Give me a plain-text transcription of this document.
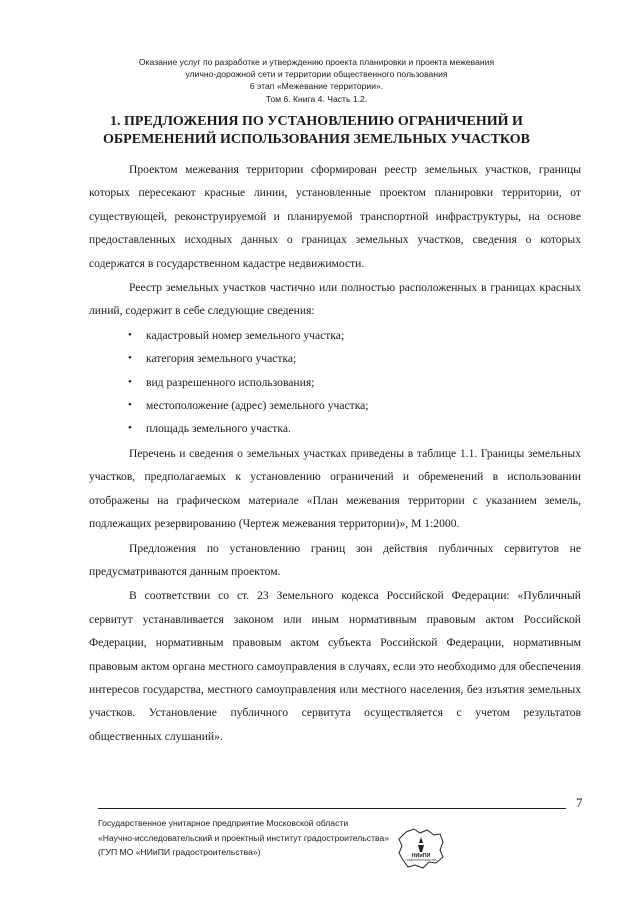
Оказание услуг по разработке и утверждению проекта планировки и проекта межевания
улично-дорожной сети и территории общественного пользования
6 этап «Межевание территории».
Том 6. Книга 4. Часть 1.2.
1. ПРЕДЛОЖЕНИЯ ПО УСТАНОВЛЕНИЮ ОГРАНИЧЕНИЙ И
ОБРЕМЕНЕНИЙ ИСПОЛЬЗОВАНИЯ ЗЕМЕЛЬНЫХ УЧАСТКОВ

Проектом межевания территории сформирован реестр земельных участков, границы которых пересекают красные линии, установленные проектом планировки территории, от существующей, реконструируемой и планируемой транспортной инфраструктуры, на основе предоставленных исходных данных о границах земельных участков, сведения о которых содержатся в государственном кадастре недвижимости.

Реестр земельных участков частично или полностью расположенных в границах красных линий, содержит в себе следующие сведения:

• кадастровый номер земельного участка;
• категория земельного участка;
• вид разрешенного использования;
• местоположение (адрес) земельного участка;
• площадь земельного участка.

Перечень и сведения о земельных участках приведены в таблице 1.1. Границы земельных участков, предполагаемых к установлению ограничений и обременений в использовании отображены на графическом материале «План межевания территории с указанием земель, подлежащих резервированию (Чертеж межевания территории)», М 1:2000.

Предложения по установлению границ зон действия публичных сервитутов не предусматриваются данным проектом.

В соответствии со ст. 23 Земельного кодекса Российской Федерации: «Публичный сервитут устанавливается законом или иным нормативным правовым актом Российской Федерации, нормативным правовым актом субъекта Российской Федерации, нормативным правовым актом органа местного самоуправления в случаях, если это необходимо для обеспечения интересов государства, местного самоуправления или местного населения, без изъятия земельных участков. Установление публичного сервитута осуществляется с учетом результатов общественных слушаний».

7
Государственное унитарное предприятие Московской области
«Научно-исследовательский и проектный институт градостроительства»
(ГУП МО «НИиПИ градостроительства»)	НИиПИ
ГРАДОСТРОИТЕЛЬСТВА
